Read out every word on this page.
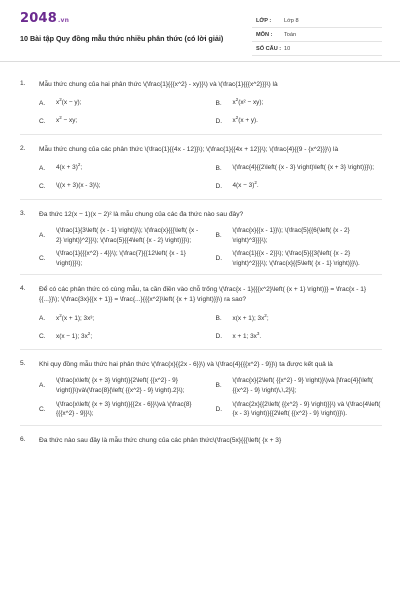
2048.vn
10 Bài tập Quy đồng mẫu thức nhiều phân thức (có lời giải)
LỚP : Lớp 8
MÔN : Toán
SỐ CÂU : 10
1. Mẫu thức chung của hai phân thức \(\frac{1}{{{x^2} - xy}}\) và \(\frac{1}{{{x^2}}}\) là
A.	$x^2(x - y)$;	B.	$x^2(x^2 - xy)$;
C.	$x^2$ − xy;	D.	$x^2(x + y)$.
2. Mẫu thức chung của các phân thức \(\frac{1}{{4x - 12}}\); \(\frac{1}{{4x + 12}}\); \(\frac{4}{{9 - {x^2}}}\) là
A.	$4(x + 3)^2$;	B.	\(\frac{4}{{2\left( {x - 3} \right)\left( {x + 3} \right)}}\);
C.	\((x + 3)(x - 3)\);	D.	$4(x - 3)^2$.
3. Đa thức 12(x − 1)(x − 2)² là mẫu chung của các đa thức nào sau đây?
A.
\(\frac{1}{3\left( {x - 1} \right)}\); \(\frac{x}{{{\left( {x - 2} \right)}^2}}\); \(\frac{5}{{4\left( {x - 2} \right)}}\);
B.
\(\frac{x}{{x - 1}}\); \(\frac{5}{{6{\left( {x - 2} \right)^3}}}\);
C.
\(\frac{1}{{{x^2} - 4}}\); \(\frac{7}{{12\left( {x - 1} \right)}}\);
D.
\(\frac{1}{{x - 2}}\); \(\frac{5}{{3{\left( {x - 2} \right)^2}}}\); \(\frac{x}{{5\left( {x - 1} \right)}}\).
4. Để có các phân thức có cùng mẫu, ta cần điền vào chỗ trống \(\frac{x - 1}{{{x^2}\left( {x + 1} \right)}} = \frac{x - 1}{{...}}\); \(\frac{3x}{{x + 1}} = \frac{...}{{{x^2}\left( {x + 1} \right)}}\) ra sao?
A.	$x^2(x + 1)$; 3x³;	B.	x(x + 1); $3x^2$;
C.	x(x − 1); $3x^2$;	D.	x + 1; $3x^3$.
5. Khi quy đồng mẫu thức hai phân thức \(\frac{x}{{2x - 6}}\) và \(\frac{4}{{{x^2} - 9}}\) ta được kết quả là
A.
\(\frac{x\left( {x + 3} \right)}{2\left( {{x^2} - 9} \right)}\)và\(\frac{8}{\left( {{x^2} - 9} \right).2}\);
B.
\(\frac{x}{2\left( {{x^2} - 9} \right)}\)và [\frac{4}{\left( {{x^2} - 9} \right)\,\,2}\];
C.
\(\frac{x\left( {x + 3} \right)}{{2x - 6}}\)và \(\frac{8}{{{x^2} - 9}}\);
D.
\(\frac{2x}{{2\left( {{x^2} - 9} \right)}}\) và \(\frac{4\left( {x - 3} \right)}{{2\left( {{x^2} - 9} \right)}}\).
6. Đa thức nào sau đây là mẫu thức chung của các phân thức\(\frac{5x}{{{\left( {x + 3}
